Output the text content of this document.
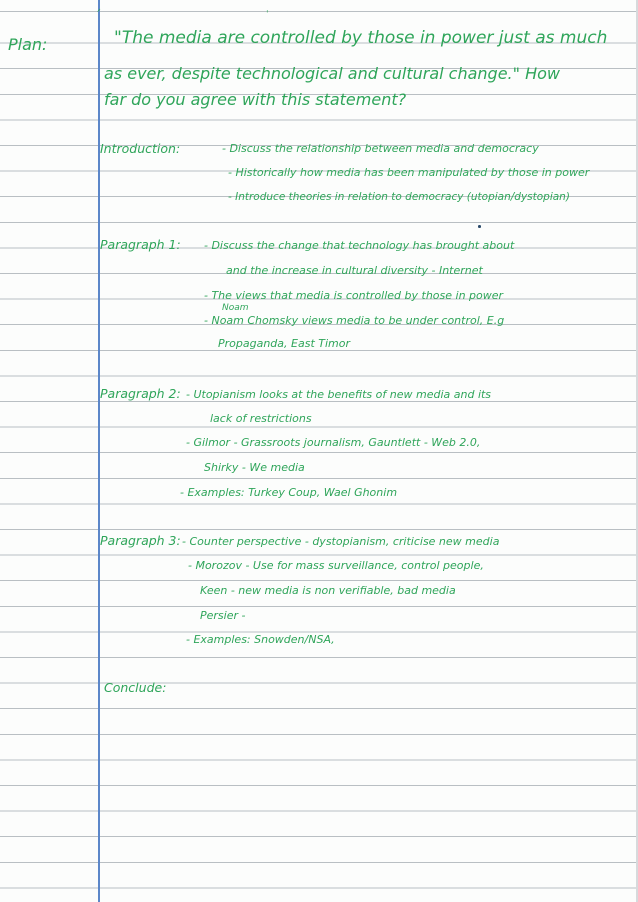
ᐟ	ˈ
Plan:	"The media are controlled by those in power just as much
as ever, despite technological and cultural change." How
far do you agree with this statement?
Introduction:	- Discuss the relationship between media and democracy
- Historically how media has been manipulated by those in power
- Introduce theories in relation to democracy (utopian/dystopian)
Paragraph 1: - Discuss the change that technology has brought about
and the increase in cultural diversity - Internet
- The views that media is controlled by those in power
Noam
- Noam Chomsky views media to be under control, E.g
Propaganda, East Timor
Paragraph 2: - Utopianism looks at the benefits of new media and its
lack of restrictions
- Gilmor - Grassroots journalism, Gauntlett - Web 2.0,
Shirky - We media
- Examples: Turkey Coup, Wael Ghonim
Paragraph 3: - Counter perspective - dystopianism, criticise new media
- Morozov - Use for mass surveillance, control people,
Keen - new media is non verifiable, bad media
Persier -
- Examples: Snowden/NSA,
Conclude:
